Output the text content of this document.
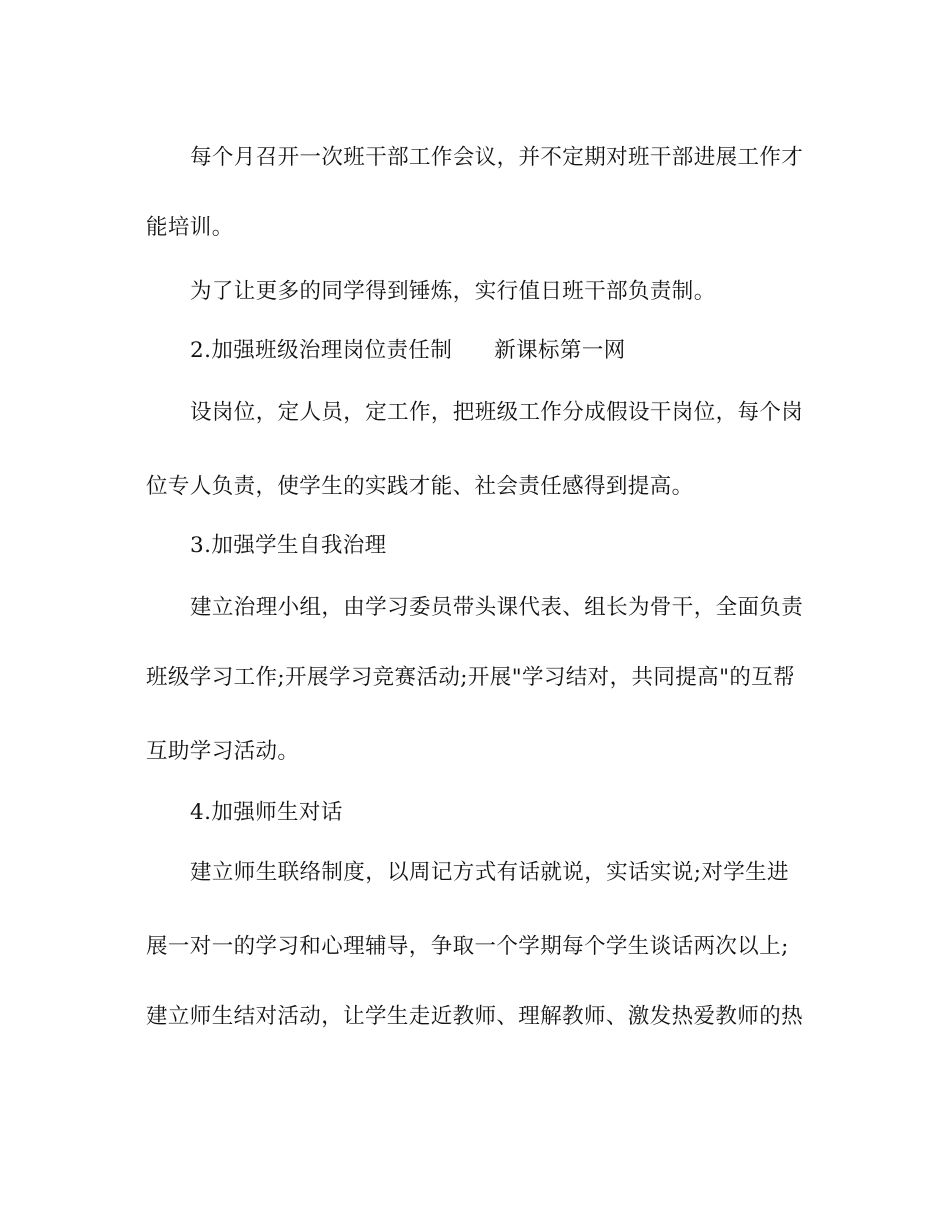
每个月召开一次班干部工作会议，并不定期对班干部进展工作才
能培训。
为了让更多的同学得到锤炼，实行值日班干部负责制。
2.加强班级治理岗位责任制 新课标第一网
设岗位，定人员，定工作，把班级工作分成假设干岗位，每个岗
位专人负责，使学生的实践才能、社会责任感得到提高。
3.加强学生自我治理
建立治理小组，由学习委员带头课代表、组长为骨干，全面负责
班级学习工作;开展学习竞赛活动;开展"学习结对，共同提高"的互帮
互助学习活动。
4.加强师生对话
建立师生联络制度，以周记方式有话就说，实话实说;对学生进
展一对一的学习和心理辅导，争取一个学期每个学生谈话两次以上;
建立师生结对活动，让学生走近教师、理解教师、激发热爱教师的热
